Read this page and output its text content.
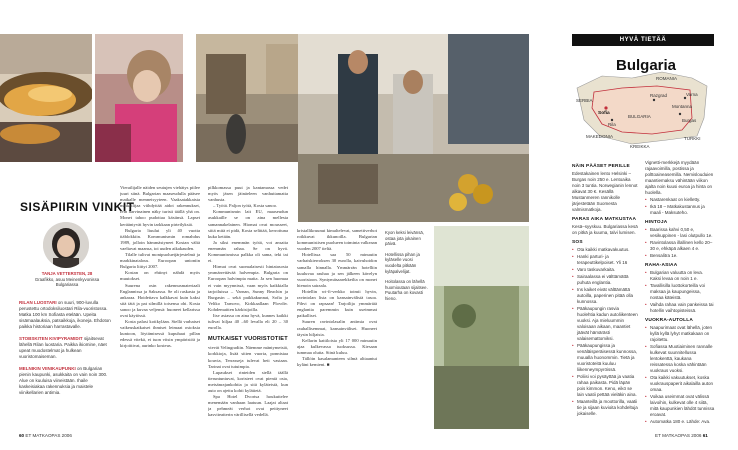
SISÄPIIRIN VINKIT
TANJA VETTERSTEN, 28
Graafikko, asuu Meinenkyvonissa
Bulgariassa

RILAN LUOSTARI on suuri, 900-luvulla perustettu ortodoksiluostari Rila-vuoristossa. Matka 100 km Sofiasta etelään. Upeita sisämaalauksia, patsaikkoja, ikoneja. Ehdoton paikka historiaan harrastavalle.

STOBSKITEN KIVIPYRAMIDIT sijaitsevat lähellä Rilan luostaria. Paikka ikiomine, näet upeat muodostelmat ja hulkean vuoristomaiseman.

MELNIKIN VIINIKAUPUNKI on Bulgarian pienin kaupunki, asukkaita on vain noin 300. Alue on kuuluisa viineistään. Ihaile kaskeisiakaa rakennuksia ja maistele viinikellarien antimia.

Vierailijalle näiden seutujen viehätys piilee juuri siinä. Bulgarian maaseudulla pääsee matkalle menneisyyteen. Vaaksatakkaista matkailijaa viihdyttää aidot rakennukset, rein harvinainen näky turisti täällä yhä on. Monet tahoo pudottaa käsiinsä. Lapset kerääntyvät hyvin tarkkaan pirteilyksiä.

Bulgaria liuului yli 40 vuotta itäblokkiin. Kommunismin romahdus 1989, jolloin hämmästyneet Kostan vältä vaeltavat maansa, toi uuden aikakauden.

Tilalle tulivat monipuoluetjärjestelmä ja markkinatalous. Euroopan unioniin Bulgaria liittyi 2007.

Kostan on ehtinyt nähdä myös muutokset.

Suurena osin rakennusmateriaali Englannissa ja Saksassa. Se oli raskasta ja ankaraa. Hoidettava kalkkavat kuin kaksi sitä tätä ja pat silmillä toisensa ohi. Kosta sanoo ja kuvaa veljensä: huoneet kellarissa ovat käytössä.

Kosta palasi kotikyläan. Siellä varhaiset vaikeuskatkaiset ihmiset leimaat ostoksia kuntoon, löytämisessä kupuhaat pillan edessä vitekä, ei tuon vitsin ympäristöä ja kirjoittivat, aurinko kosteus.

pilkkomassa puut ja kantamassa vedet myös jäsen jäinäeleen vanhuttamatta vanhusta.

– Työtä. Paljon työtä, Kosta sanoo.

Kommunismin lait EU, maaseudun asukkaille se on aina mellesta samannakelainen. Hiomat ovat mousseet, siitä mitä ei pidä, Kosta selittää, kerrottuna kuka ketään.

Ja siksi enemmän työtä, vot ansaita enemmän rahaa. Se on hyvä. Kommunismissa palkka oli sama, teki tai ei.

Hirmat ovat suomalaisesti hintatasosta ymmärrettävää halvempia. Bulgaria on Euroopan halvimpia maita. Ja sen huomaa ei vain myynnissä, vaan myös kaikkialla tarjoiluissa – Varnan, Sunny Beachin ja Burgasin – sekä paikkakunnat, Sofia ja Veliko Tarnovo, Kirkkaallaan Plovdiv. Kohdemaitten kärkisijoilla.

Itse asiassa on aina hyvä, kunnes kaikki tulivat hiljaa 40 –60 levalla eli 20 – 30 eurolla.

MUTKAISET VUORISTOTIET

vievät Velingradiin. Näemme mäntymetsiä, korkkioja, lisää sitten vuoria, ponnistaa kouvia, Terrasseja tulevat heti vastaan. Tarinat ovat tutuimpia.

Lupaukset rinteiden siellä täällä tieruntuntuvat, koristeet ovat pieniä osia, metsänrajankohtia ja sitä kyläteistä, kun auto on ajettu kohti kylätietä.

Spa Hotel Dvortsa houkuttelee menemään vanhaan laatuun. Laajat altaat ja pehmeät verhot ovat peittyneet kasviteatterin värillisellä vedellä.

kristallikruunut kimaltelevat, samettiverhot roikkuvat ikkunoilla. Bulgarian kommunistisen puolueen toiminta valkeaan vuoden 2007 tieltä.

Hotellissa saa 50 minuutin varhaiskierroksen 30 eurolla, kaivuhoidon samalla hinnalla. Ymmärrän hotelliin kuuluvaa rauhaa ja sen jälkeen kävelyn vuoristoon. Syntymäsaarekkeilta on monet hienoin sairaala.

Hotellin wi-fi-verkko toimii hyvin, ravintolan lista on kansainvälistä tasoa. Pihvi on rapsaan! Tarjoilija ymmärtää englantia paremmin kuin useimmat paikalliset.

Suuren ravintolasalin antimia ovat rauhallisemmat, kansainväliset. Huoneet täysin hiljaisia.

Kellarin kattiloista yli 17 000 minuutin ajaa kulkevassa tuoksussa. Kiesaan tummaa olutta. Siinä kuluu.

Tällöin kasalamanteen silmä alttaantui kyläni kemieni. ■

Kyon keksi leivänsä, ostaa jota jokainen päivä.

Hotellissa pihan ja kyläselle vuosi vuodelta pitkään kyläpalvelijat.

Hoitolassa on lähellä huomioutaan sijaitsee. Puutarha on kovasti hieno.

60 ET MATKAOPAS 2006
HYVÄ TIETÄÄ
Bulgaria
ROMANIA
SERBIA
Sofia
Rila
Razgrad
Montanna
BULGARIA
Varna
MAKEDONIA
KREIKKA
TURKKI
Burgas
NÄIN PÄÄSET PERILLE

Edestakainen lento Helsinki – Burgas noin 250 e. Lentoaika noin 3 tuntia. Norwegianin lennot alkavat 30 €. Kesällä Mustanmeren rannikolle järjestetään Suomesta valmismatkoja.

PARAS AIKA MATKUSTAA

Kesä–syyskuu. Bulgariassa kesä on pitkä ja kuuma, talvi lumisen.

SOS
• Ota kaikki matkavakuutus.
• Hanki parturi- ja terapeuttikelpoiset. Yli 16
• Varo taskuvarkaita.
• Sairaalassa ei välttämättä puhuta englantia.
• Ins kaiket eivät välttämättä autoilla, paperinen pitää olla kunnossa.
• Pääkaupungin rasvia huolehtia kadun autoliikenteen vuoksi. Aja mieluummin valoisaan aikaan, maantiet jäävät hämärästi valaisemattomiksi.
• Pääkaupungissa ja venäläisperäisessä kunnossa, muualla huonommin. Tietä ja vuoristoteitä kuuluu liikenneympyröissä.
• Poliisi voi pysäyttää ja vaatia rahaa paikasta. Pidä läpän pois kimmon. Keno, eikö se lain vaatii pettää vieläkin aina.
• Maanteillä ja moottorilla, vaatii tie ja sijaan kuvioita kohdeltuja jokaiselle.

Vignetti-merkkejä myydään rajaavoimilla, postissa ja polttoaineasemilla. Nemislouduien maantiemaksu vähintään viikon ajalta noin kuusi euroa ja hinta on huolella.

• Nastarenkaat on kielletty.
• Ikä 18 – Matkakustannus ja maali - Maksuteho.
HINTOJA
• Baarissa kahvi 0,50 e, vesikuppinen - lasi olutpullo 1e.
• Ravintolassa illallinen kello 20–30 e, ehkäpä alkaen 4 e.
• Bensalitra 1e.
RAHA-ASIAA
• Bulgarian valuutta on leva. Kaksi levaa on noin 1 e.
• Tavallisilla luottokorteilla voi maksaa ja kaupungeissa, nostaa käteistä.
• Vaihda rahaa vain pankeissa tai hotellin vaihtopisteissä.
VUOKRA-AUTOLLA
• Naapurimaat ovat lähellä, joten kyllä kyllä lyhyt matkakaan on rajoitettu.
• Sofiassa Muotiaiminen rannalle kulkevat suunnitellussa lentokenttä, kaukana reissatessa koska vähintään vuokraus vuoksi.
• Ota kaikki vakuutukset, koska vuokrauspaperit aikalailla auton omaa.
• Voikaa useimmat ovat välissä laivoihin, kulkevat olle 4 siitä, mitä kaupunkien lähdöt tunnissa eroavat.
• Automatka 180 e. Lähde: Ava.
ET MATKAOPAS 2006 61
